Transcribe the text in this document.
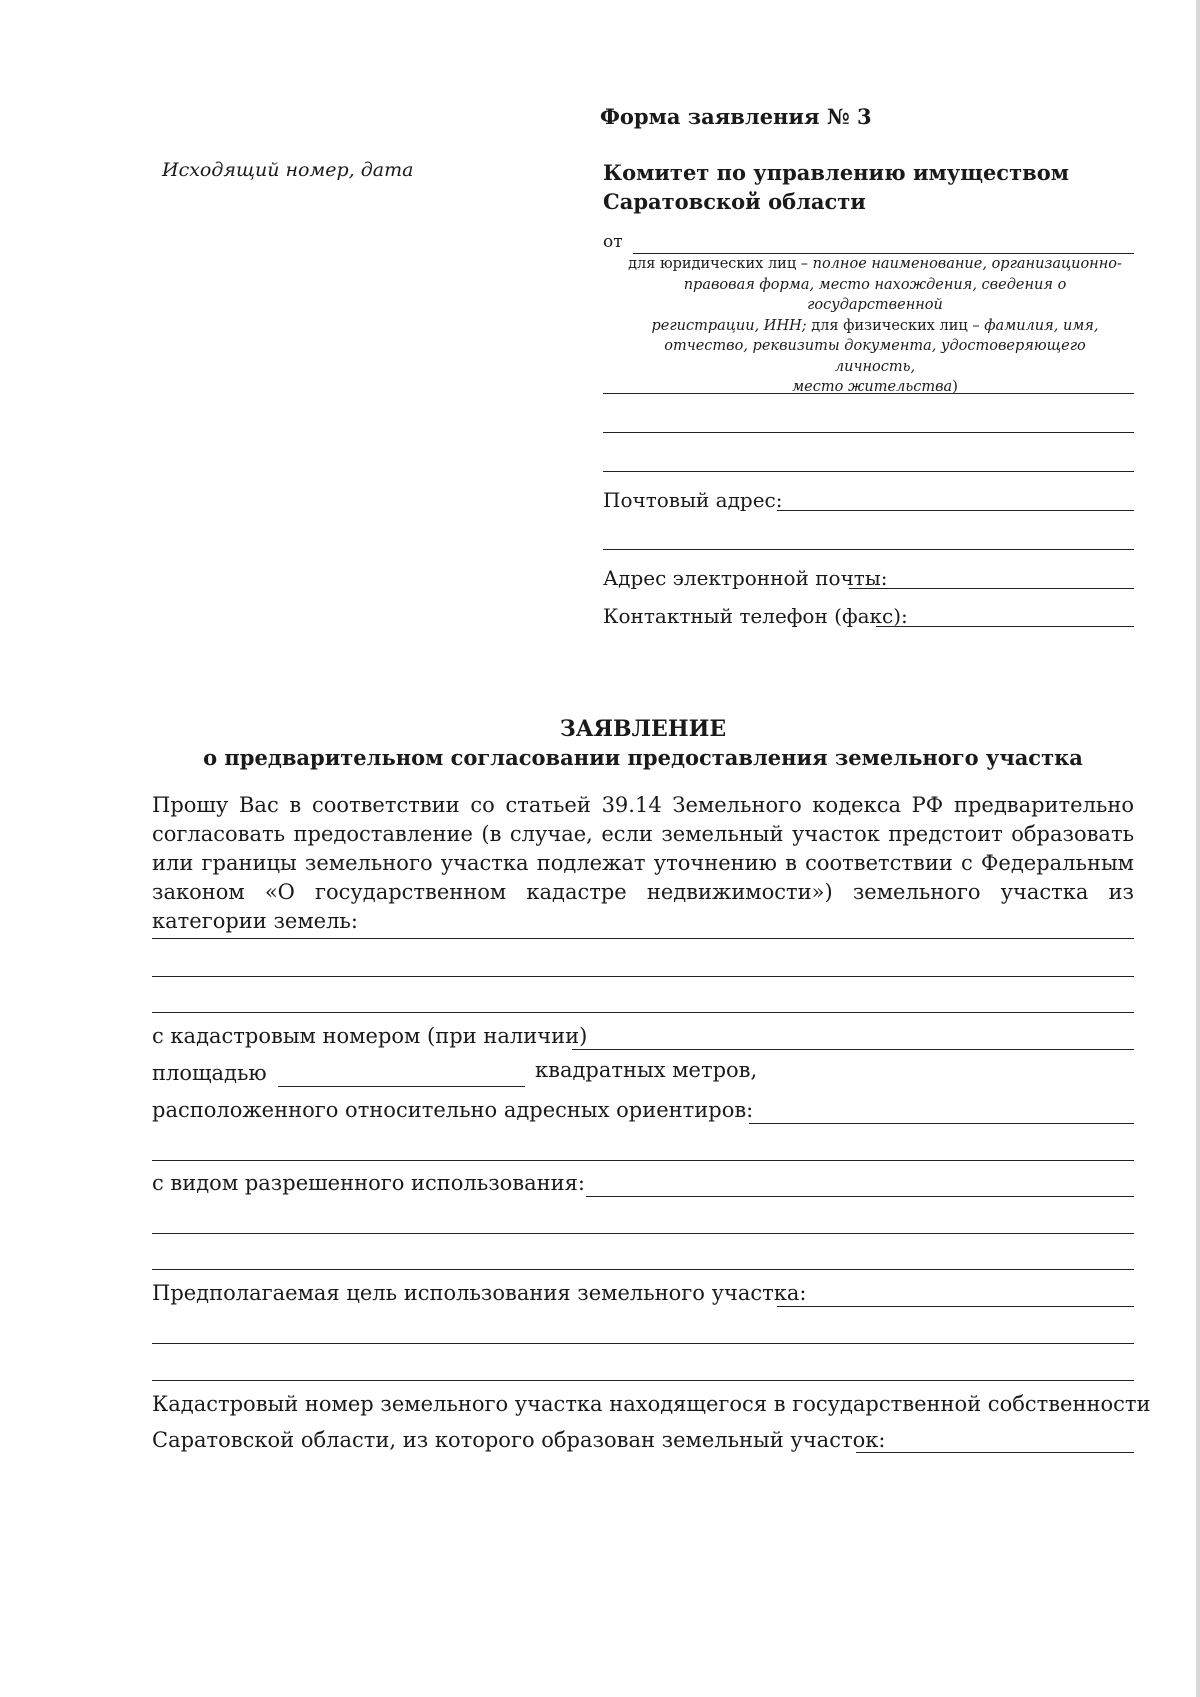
Форма заявления № 3
Исходящий номер, дата	Комитет по управлению имуществом
Саратовской области
от
для юридических лиц – полное наименование, организационно-
правовая форма, место нахождения, сведения о государственной
регистрации, ИНН; для физических лиц – фамилия, имя,
отчество, реквизиты документа, удостоверяющего личность,
место жительства)
Почтовый адрес:
Адрес электронной почты:
Контактный телефон (факс):
ЗАЯВЛЕНИЕ
о предварительном согласовании предоставления земельного участка
Прошу Вас в соответствии со статьей 39.14 Земельного кодекса РФ предварительно согласовать предоставление (в случае, если земельный участок предстоит образовать или границы земельного участка подлежат уточнению в соответствии с Федеральным законом «О государственном кадастре недвижимости») земельного участка из категории земель:
с кадастровым номером (при наличии)
площадью	квадратных метров,
расположенного относительно адресных ориентиров:
с видом разрешенного использования:
Предполагаемая цель использования земельного участка:
Кадастровый номер земельного участка находящегося в государственной собственности
Саратовской области, из которого образован земельный участок:
